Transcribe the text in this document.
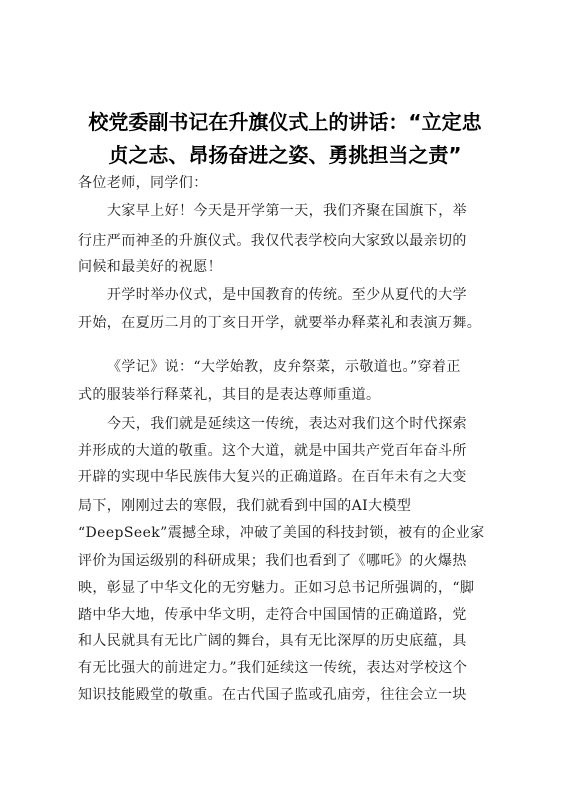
校党委副书记在升旗仪式上的讲话：“立定忠
贞之志、昂扬奋进之姿、勇挑担当之责”
各位老师，同学们：
大家早上好！今天是开学第一天，我们齐聚在国旗下，举
行庄严而神圣的升旗仪式。我仅代表学校向大家致以最亲切的
问候和最美好的祝愿！
开学时举办仪式，是中国教育的传统。至少从夏代的大学
开始，在夏历二月的丁亥日开学，就要举办释菜礼和表演万舞。
《学记》说：“大学始教，皮弁祭菜，示敬道也。”穿着正
式的服装举行释菜礼，其目的是表达尊师重道。
今天，我们就是延续这一传统，表达对我们这个时代探索
并形成的大道的敬重。这个大道，就是中国共产党百年奋斗所
开辟的实现中华民族伟大复兴的正确道路。在百年未有之大变
局下，刚刚过去的寒假，我们就看到中国的AI大模型
“DeepSeek”震撼全球，冲破了美国的科技封锁，被有的企业家
评价为国运级别的科研成果；我们也看到了《哪吒》的火爆热
映，彰显了中华文化的无穷魅力。正如习总书记所强调的，“脚
踏中华大地，传承中华文明，走符合中国国情的正确道路，党
和人民就具有无比广阔的舞台，具有无比深厚的历史底蕴，具
有无比强大的前进定力。”我们延续这一传统，表达对学校这个
知识技能殿堂的敬重。在古代国子监或孔庙旁，往往会立一块
